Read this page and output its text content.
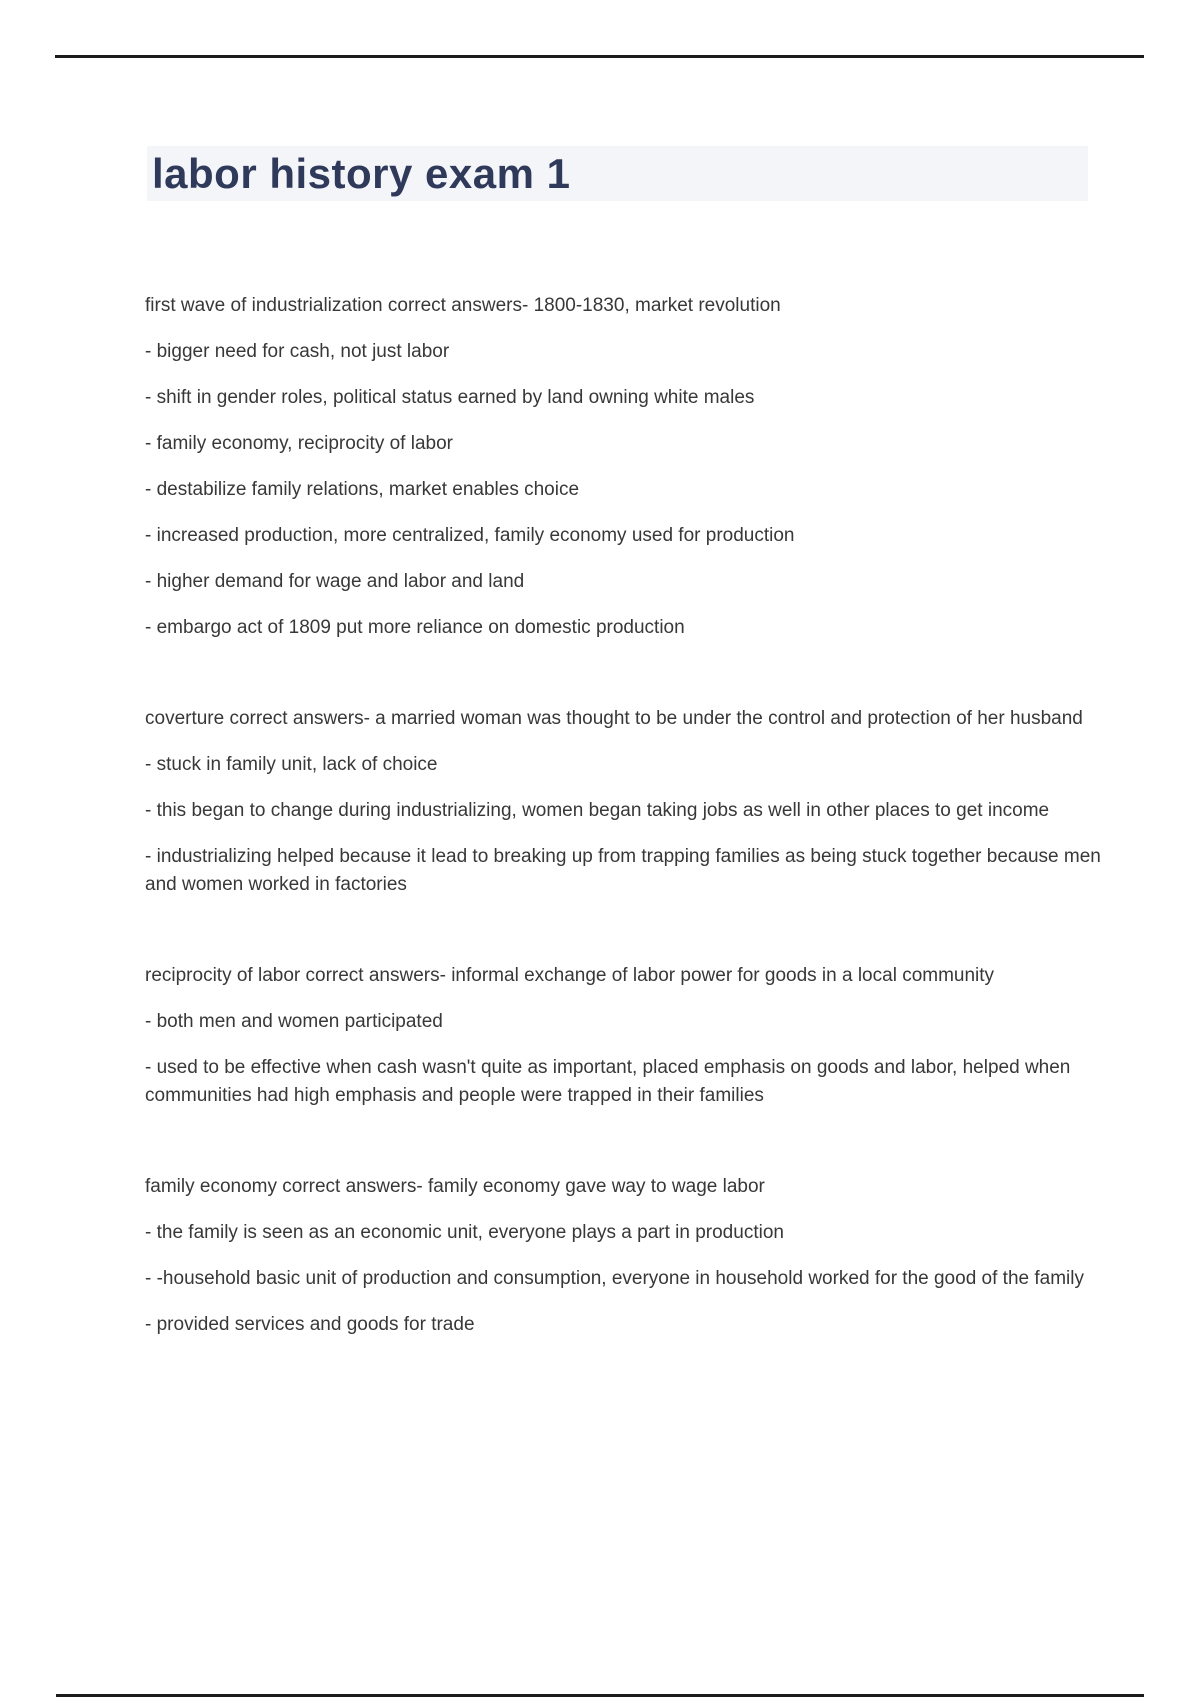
labor history exam 1

first wave of industrialization correct answers- 1800-1830, market revolution

- bigger need for cash, not just labor

- shift in gender roles, political status earned by land owning white males

- family economy, reciprocity of labor

- destabilize family relations, market enables choice

- increased production, more centralized, family economy used for production

- higher demand for wage and labor and land

- embargo act of 1809 put more reliance on domestic production

coverture correct answers- a married woman was thought to be under the control and protection of her husband

- stuck in family unit, lack of choice

- this began to change during industrializing, women began taking jobs as well in other places to get income

- industrializing helped because it lead to breaking up from trapping families as being stuck together because men and women worked in factories

reciprocity of labor correct answers- informal exchange of labor power for goods in a local community

- both men and women participated

- used to be effective when cash wasn't quite as important, placed emphasis on goods and labor, helped when communities had high emphasis and people were trapped in their families

family economy correct answers- family economy gave way to wage labor

- the family is seen as an economic unit, everyone plays a part in production

- -household basic unit of production and consumption, everyone in household worked for the good of the family

- provided services and goods for trade
